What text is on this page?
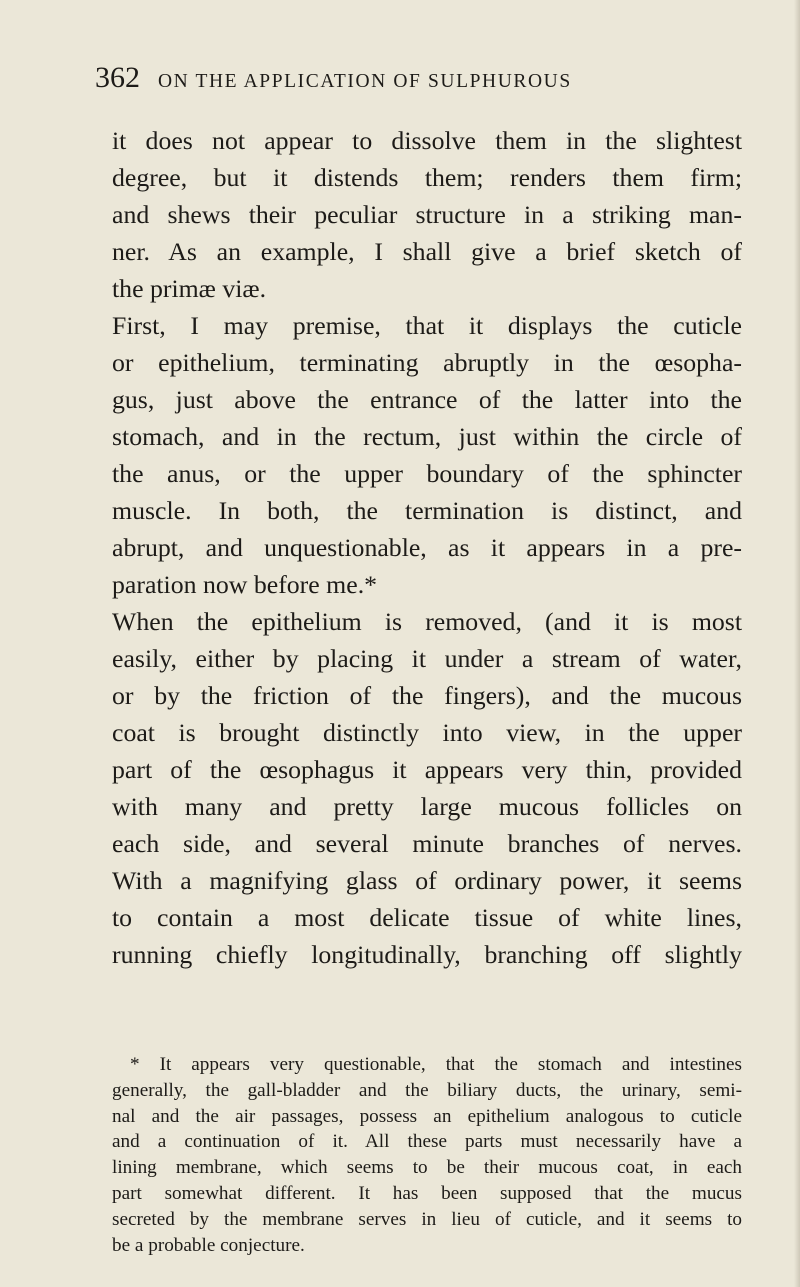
362 ON THE APPLICATION OF SULPHUROUS
it does not appear to dissolve them in the slightest
degree, but it distends them; renders them firm;
and shews their peculiar structure in a striking man-
ner. As an example, I shall give a brief sketch of
the primæ viæ.
First, I may premise, that it displays the cuticle
or epithelium, terminating abruptly in the œsopha-
gus, just above the entrance of the latter into the
stomach, and in the rectum, just within the circle of
the anus, or the upper boundary of the sphincter
muscle. In both, the termination is distinct, and
abrupt, and unquestionable, as it appears in a pre-
paration now before me.*
When the epithelium is removed, (and it is most
easily, either by placing it under a stream of water,
or by the friction of the fingers), and the mucous
coat is brought distinctly into view, in the upper
part of the œsophagus it appears very thin, provided
with many and pretty large mucous follicles on
each side, and several minute branches of nerves.
With a magnifying glass of ordinary power, it seems
to contain a most delicate tissue of white lines,
running chiefly longitudinally, branching off slightly
* It appears very questionable, that the stomach and intestines
generally, the gall-bladder and the biliary ducts, the urinary, semi-
nal and the air passages, possess an epithelium analogous to cuticle
and a continuation of it. All these parts must necessarily have a
lining membrane, which seems to be their mucous coat, in each
part somewhat different. It has been supposed that the mucus
secreted by the membrane serves in lieu of cuticle, and it seems to
be a probable conjecture.
